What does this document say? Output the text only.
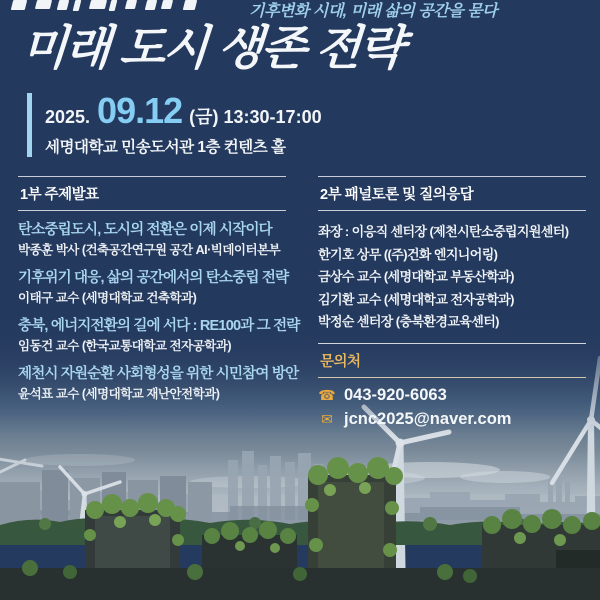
기후변화 시대, 미래 삶의 공간을 묻다
미래 도시 생존 전략
2025. 09.12 (금) 13:30-17:00
세명대학교 민송도서관 1층 컨텐츠 홀
1부 주제발표
탄소중립도시, 도시의 전환은 이제 시작이다
박종훈 박사 (건축공간연구원 공간 AI·빅데이터본부
기후위기 대응, 삶의 공간에서의 탄소중립 전략
이태구 교수 (세명대학교 건축학과)
충북, 에너지전환의 길에 서다 : RE100과 그 전략
임동건 교수 (한국교통대학교 전자공학과)
제천시 자원순환 사회형성을 위한 시민참여 방안
윤석표 교수 (세명대학교 재난안전학과)
2부 패널토론 및 질의응답
좌장 : 이응직 센터장 (제천시탄소중립지원센터)
한기호 상무 ((주)건화 엔지니어링)
금상수 교수 (세명대학교 부동산학과)
김기환 교수 (세명대학교 전자공학과)
박정순 센터장 (충북환경교육센터)
문의처
☎ 043-920-6063
✉ jcnc2025@naver.com
